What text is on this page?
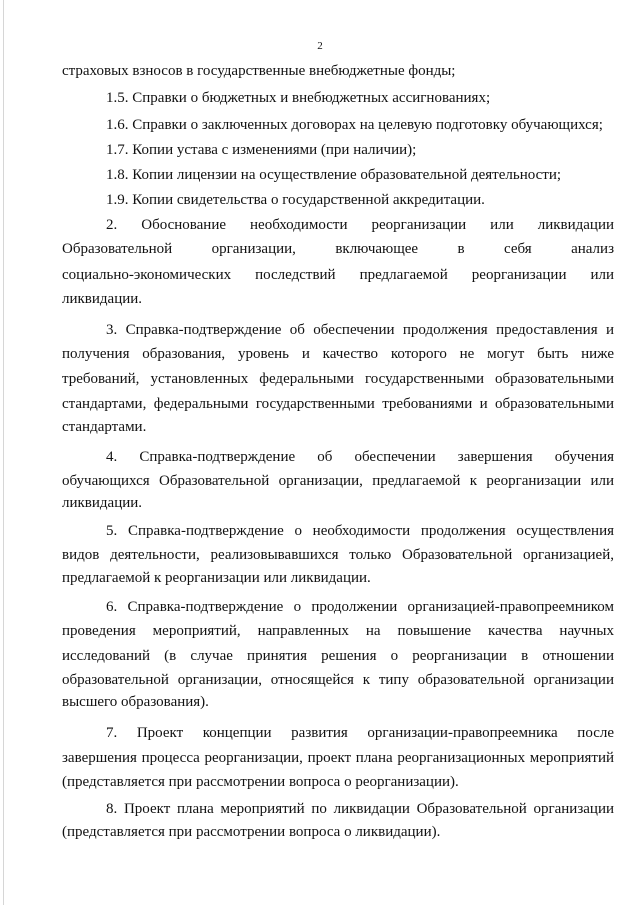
2
страховых взносов в государственные внебюджетные фонды;
1.5. Справки о бюджетных и внебюджетных ассигнованиях;
1.6. Справки о заключенных договорах на целевую подготовку обучающихся;
1.7. Копии устава с изменениями (при наличии);
1.8. Копии лицензии на осуществление образовательной деятельности;
1.9. Копии свидетельства о государственной аккредитации.
2. Обоснование необходимости реорганизации или ликвидации
Образовательной организации, включающее в себя анализ
социально-экономических последствий предлагаемой реорганизации или
ликвидации.
3. Справка-подтверждение об обеспечении продолжения предоставления и
получения образования, уровень и качество которого не могут быть ниже
требований, установленных федеральными государственными образовательными
стандартами, федеральными государственными требованиями и образовательными
стандартами.
4. Справка-подтверждение об обеспечении завершения обучения
обучающихся Образовательной организации, предлагаемой к реорганизации или
ликвидации.
5. Справка-подтверждение о необходимости продолжения осуществления
видов деятельности, реализовывавшихся только Образовательной организацией,
предлагаемой к реорганизации или ликвидации.
6. Справка-подтверждение о продолжении организацией-правопреемником
проведения мероприятий, направленных на повышение качества научных
исследований (в случае принятия решения о реорганизации в отношении
образовательной организации, относящейся к типу образовательной организации
высшего образования).
7. Проект концепции развития организации-правопреемника после
завершения процесса реорганизации, проект плана реорганизационных мероприятий
(представляется при рассмотрении вопроса о реорганизации).
8. Проект плана мероприятий по ликвидации Образовательной организации
(представляется при рассмотрении вопроса о ликвидации).
